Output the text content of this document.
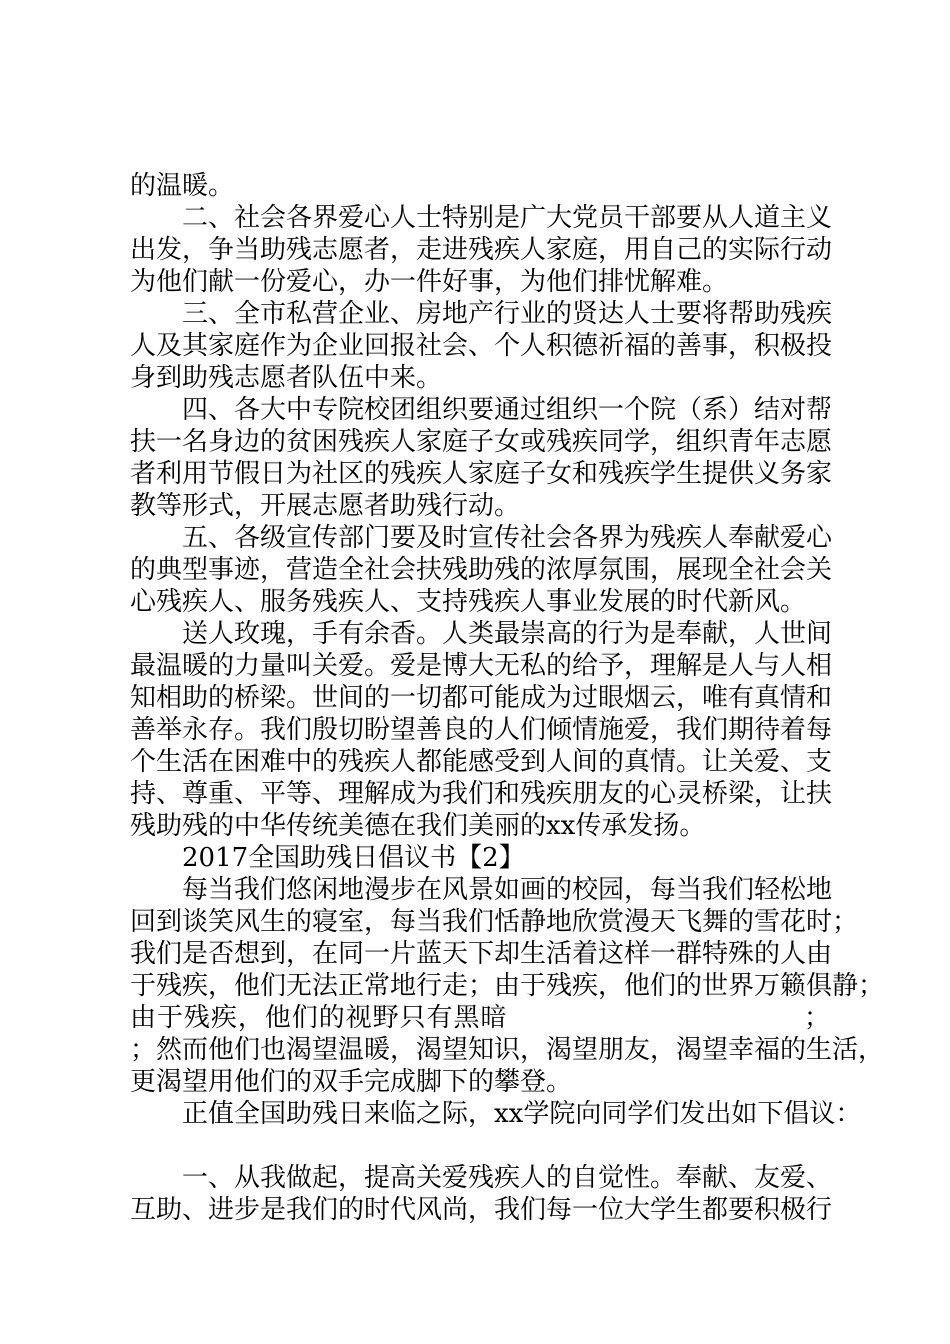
的温暖。
二、社会各界爱心人士特别是广大党员干部要从人道主义
出发，争当助残志愿者，走进残疾人家庭，用自己的实际行动
为他们献一份爱心，办一件好事，为他们排忧解难。
三、全市私营企业、房地产行业的贤达人士要将帮助残疾
人及其家庭作为企业回报社会、个人积德祈福的善事，积极投
身到助残志愿者队伍中来。
四、各大中专院校团组织要通过组织一个院（系）结对帮
扶一名身边的贫困残疾人家庭子女或残疾同学，组织青年志愿
者利用节假日为社区的残疾人家庭子女和残疾学生提供义务家
教等形式，开展志愿者助残行动。
五、各级宣传部门要及时宣传社会各界为残疾人奉献爱心
的典型事迹，营造全社会扶残助残的浓厚氛围，展现全社会关
心残疾人、服务残疾人、支持残疾人事业发展的时代新风。
送人玫瑰，手有余香。人类最崇高的行为是奉献，人世间
最温暖的力量叫关爱。爱是博大无私的给予，理解是人与人相
知相助的桥梁。世间的一切都可能成为过眼烟云，唯有真情和
善举永存。我们殷切盼望善良的人们倾情施爱，我们期待着每
个生活在困难中的残疾人都能感受到人间的真情。让关爱、支
持、尊重、平等、理解成为我们和残疾朋友的心灵桥梁，让扶
残助残的中华传统美德在我们美丽的xx传承发扬。
2017全国助残日倡议书【2】
每当我们悠闲地漫步在风景如画的校园，每当我们轻松地
回到谈笑风生的寝室，每当我们恬静地欣赏漫天飞舞的雪花时；
我们是否想到，在同一片蓝天下却生活着这样一群特殊的人由
于残疾，他们无法正常地行走；由于残疾，他们的世界万籁俱静；
由于残疾，他们的视野只有黑暗　　　　　　　　　　　；
；然而他们也渴望温暖，渴望知识，渴望朋友，渴望幸福的生活，
更渴望用他们的双手完成脚下的攀登。
正值全国助残日来临之际，xx学院向同学们发出如下倡议：
一、从我做起，提高关爱残疾人的自觉性。奉献、友爱、
互助、进步是我们的时代风尚，我们每一位大学生都要积极行
